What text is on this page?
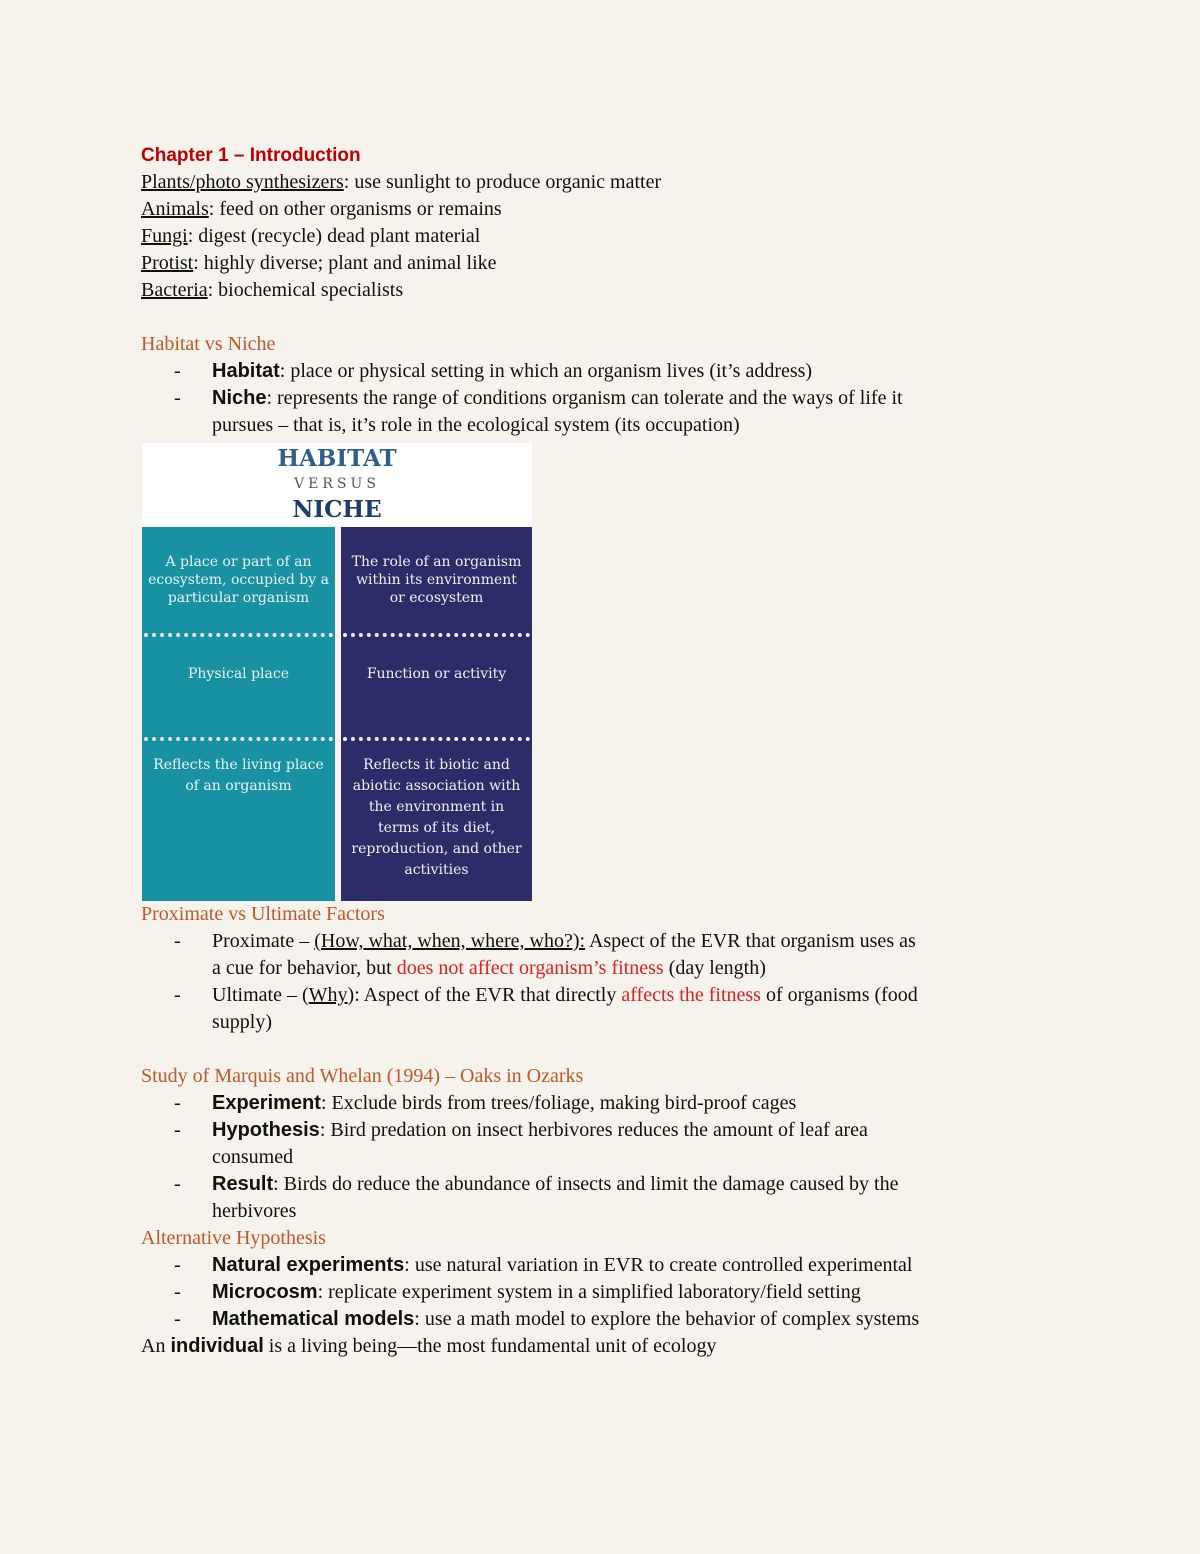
Chapter 1 – Introduction
Plants/photo synthesizers: use sunlight to produce organic matter
Animals: feed on other organisms or remains
Fungi: digest (recycle) dead plant material
Protist: highly diverse; plant and animal like
Bacteria: biochemical specialists
Habitat vs Niche
- Habitat: place or physical setting in which an organism lives (it’s address)
- Niche: represents the range of conditions organism can tolerate and the ways of life it
pursues – that is, it’s role in the ecological system (its occupation)
HABITAT
VERSUS
NICHE
A place or part of an ecosystem, occupied by a particular organism
Physical place
Reflects the living place of an organism
The role of an organism within its environment or ecosystem
Function or activity
Reflects it biotic and abiotic association with the environment in terms of its diet, reproduction, and other activities
Proximate vs Ultimate Factors
- Proximate – (How, what, when, where, who?): Aspect of the EVR that organism uses as
a cue for behavior, but does not affect organism’s fitness (day length)
- Ultimate – (Why): Aspect of the EVR that directly affects the fitness of organisms (food
supply)
Study of Marquis and Whelan (1994) – Oaks in Ozarks
- Experiment: Exclude birds from trees/foliage, making bird-proof cages
- Hypothesis: Bird predation on insect herbivores reduces the amount of leaf area
consumed
- Result: Birds do reduce the abundance of insects and limit the damage caused by the
herbivores
Alternative Hypothesis
- Natural experiments: use natural variation in EVR to create controlled experimental
- Microcosm: replicate experiment system in a simplified laboratory/field setting
- Mathematical models: use a math model to explore the behavior of complex systems
An individual is a living being—the most fundamental unit of ecology
